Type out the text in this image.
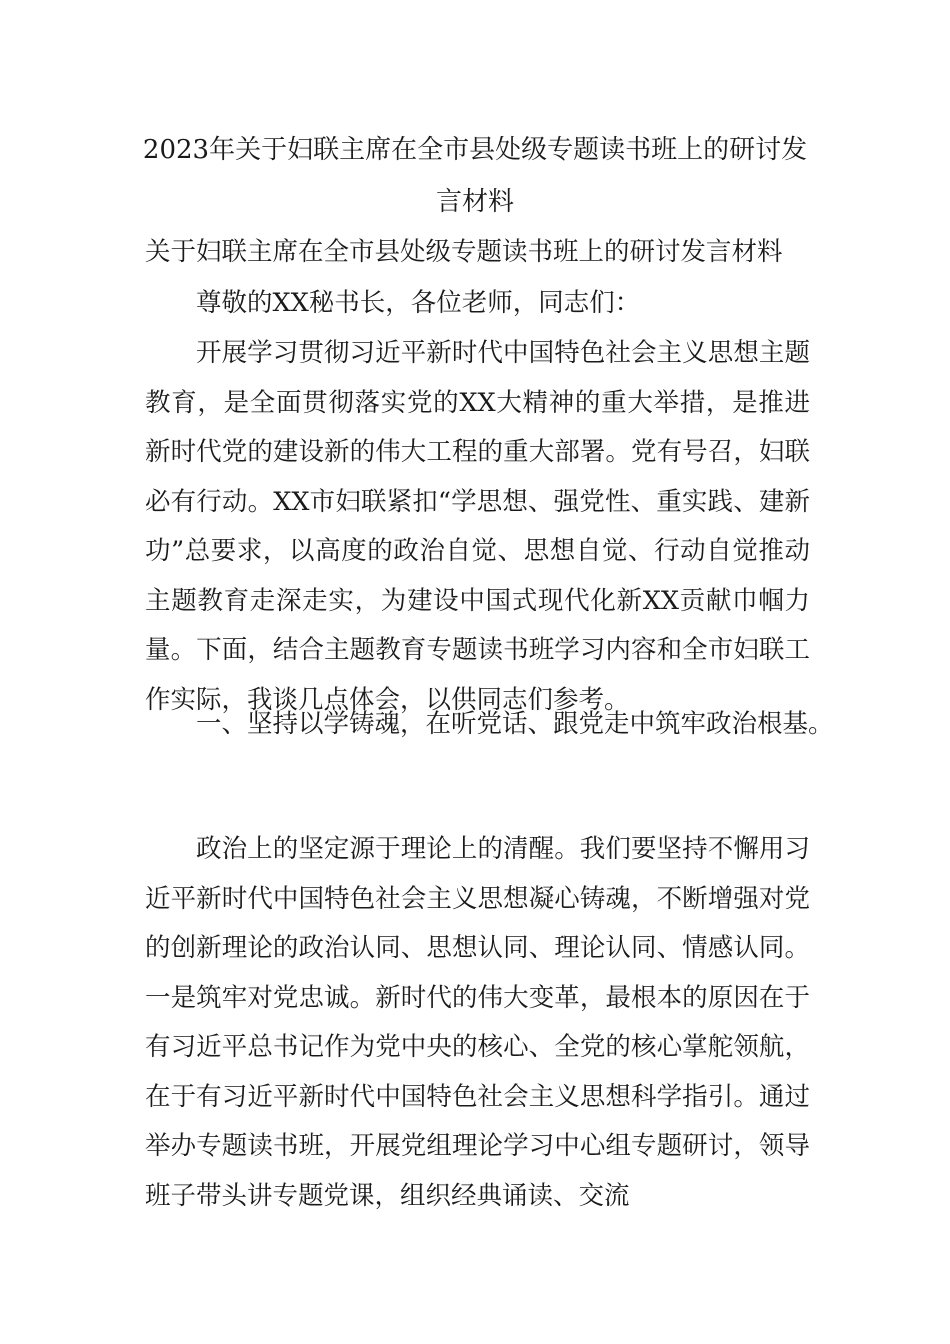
2023年关于妇联主席在全市县处级专题读书班上的研讨发言材料

关于妇联主席在全市县处级专题读书班上的研讨发言材料

尊敬的XX秘书长，各位老师，同志们：

开展学习贯彻习近平新时代中国特色社会主义思想主题教育，是全面贯彻落实党的XX大精神的重大举措，是推进新时代党的建设新的伟大工程的重大部署。党有号召，妇联必有行动。XX市妇联紧扣“学思想、强党性、重实践、建新功”总要求，以高度的政治自觉、思想自觉、行动自觉推动主题教育走深走实，为建设中国式现代化新XX贡献巾帼力量。下面，结合主题教育专题读书班学习内容和全市妇联工作实际，我谈几点体会，以供同志们参考。

一、坚持以学铸魂，在听党话、跟党走中筑牢政治根基。

政治上的坚定源于理论上的清醒。我们要坚持不懈用习近平新时代中国特色社会主义思想凝心铸魂，不断增强对党的创新理论的政治认同、思想认同、理论认同、情感认同。一是筑牢对党忠诚。新时代的伟大变革，最根本的原因在于有习近平总书记作为党中央的核心、全党的核心掌舵领航，在于有习近平新时代中国特色社会主义思想科学指引。通过举办专题读书班，开展党组理论学习中心组专题研讨，领导班子带头讲专题党课，组织经典诵读、交流
